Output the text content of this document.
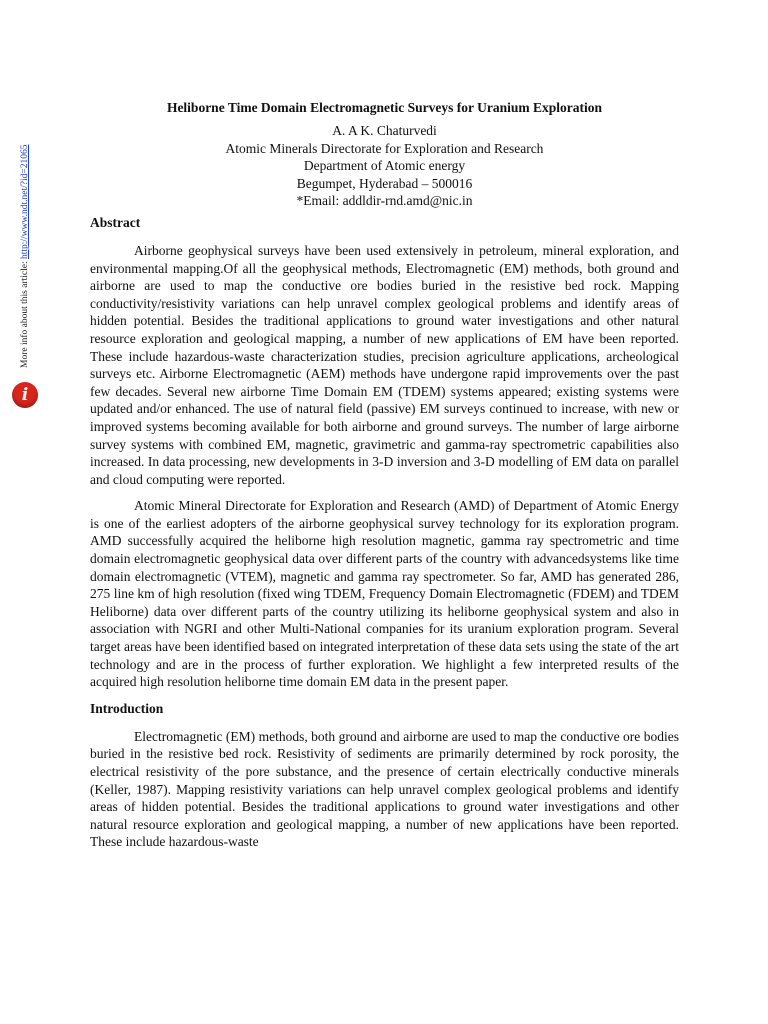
More info about this article: http://www.ndt.net/?id=21065
i
Heliborne Time Domain Electromagnetic Surveys for Uranium Exploration
A. A K. Chaturvedi
Atomic Minerals Directorate for Exploration and Research
Department of Atomic energy
Begumpet, Hyderabad – 500016
*Email: addldir-rnd.amd@nic.in
Abstract

Airborne geophysical surveys have been used extensively in petroleum, mineral exploration, and environmental mapping.Of all the geophysical methods, Electromagnetic (EM) methods, both ground and airborne are used to map the conductive ore bodies buried in the resistive bed rock. Mapping conductivity/resistivity variations can help unravel complex geological problems and identify areas of hidden potential. Besides the traditional applications to ground water investigations and other natural resource exploration and geological mapping, a number of new applications of EM have been reported. These include hazardous-waste characterization studies, precision agriculture applications, archeological surveys etc. Airborne Electromagnetic (AEM) methods have undergone rapid improvements over the past few decades. Several new airborne Time Domain EM (TDEM) systems appeared; existing systems were updated and/or enhanced. The use of natural field (passive) EM surveys continued to increase, with new or improved systems becoming available for both airborne and ground surveys. The number of large airborne survey systems with combined EM, magnetic, gravimetric and gamma-ray spectrometric capabilities also increased. In data processing, new developments in 3-D inversion and 3-D modelling of EM data on parallel and cloud computing were reported.

Atomic Mineral Directorate for Exploration and Research (AMD) of Department of Atomic Energy is one of the earliest adopters of the airborne geophysical survey technology for its exploration program. AMD successfully acquired the heliborne high resolution magnetic, gamma ray spectrometric and time domain electromagnetic geophysical data over different parts of the country with advancedsystems like time domain electromagnetic (VTEM), magnetic and gamma ray spectrometer. So far, AMD has generated 286, 275 line km of high resolution (fixed wing TDEM, Frequency Domain Electromagnetic (FDEM) and TDEM Heliborne) data over different parts of the country utilizing its heliborne geophysical system and also in association with NGRI and other Multi-National companies for its uranium exploration program. Several target areas have been identified based on integrated interpretation of these data sets using the state of the art technology and are in the process of further exploration. We highlight a few interpreted results of the acquired high resolution heliborne time domain EM data in the present paper.

Introduction

Electromagnetic (EM) methods, both ground and airborne are used to map the conductive ore bodies buried in the resistive bed rock. Resistivity of sediments are primarily determined by rock porosity, the electrical resistivity of the pore substance, and the presence of certain electrically conductive minerals (Keller, 1987). Mapping resistivity variations can help unravel complex geological problems and identify areas of hidden potential. Besides the traditional applications to ground water investigations and other natural resource exploration and geological mapping, a number of new applications have been reported. These include hazardous-waste
